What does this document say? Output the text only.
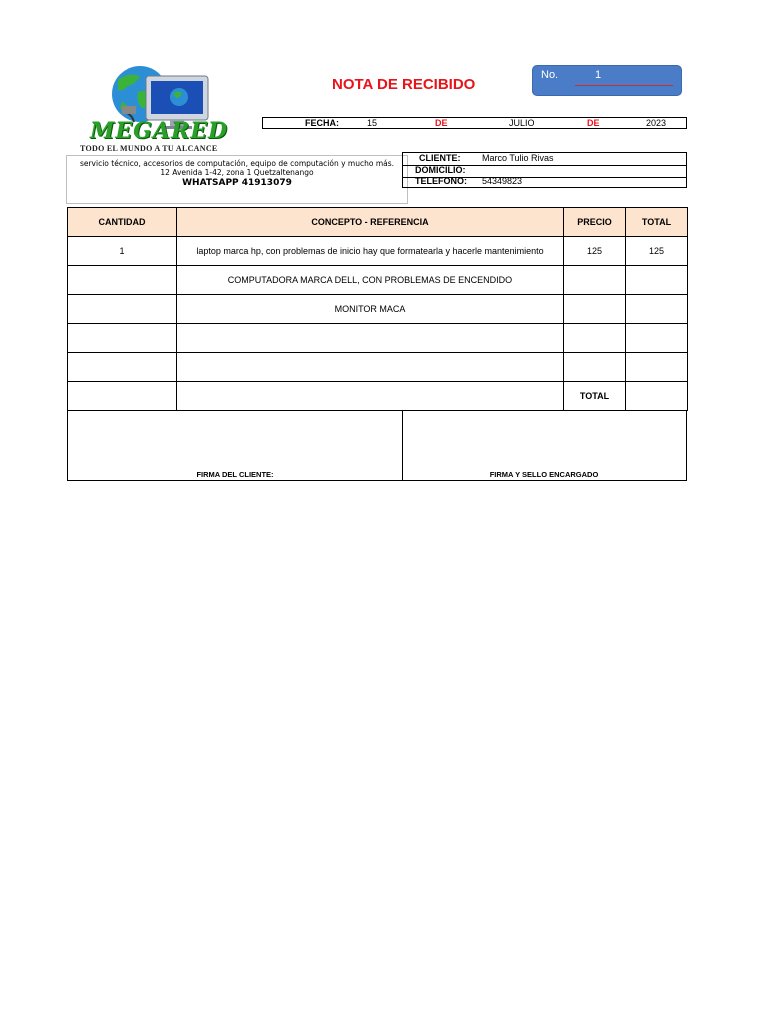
MEGARED
TODO EL MUNDO A TU ALCANCE
NOTA DE RECIBIDO
No.	1
FECHA:	15	DE	JULIO	DE	2023
servicio técnico, accesorios de computación, equipo de computación y mucho más.
12 Avenida 1-42, zona 1 Quetzaltenango
WHATSAPP 41913079
CLIENTE: Marco Tulio Rivas
DOMICILIO:
TELEFONO: 54349823
CANTIDAD	CONCEPTO - REFERENCIA	PRECIO	TOTAL
1	laptop marca hp, con problemas de inicio hay que formatearla y hacerle mantenimiento	125	125
	COMPUTADORA MARCA DELL, CON PROBLEMAS DE ENCENDIDO		
	MONITOR MACA		

		TOTAL	
FIRMA DEL CLIENTE:	FIRMA Y SELLO ENCARGADO
